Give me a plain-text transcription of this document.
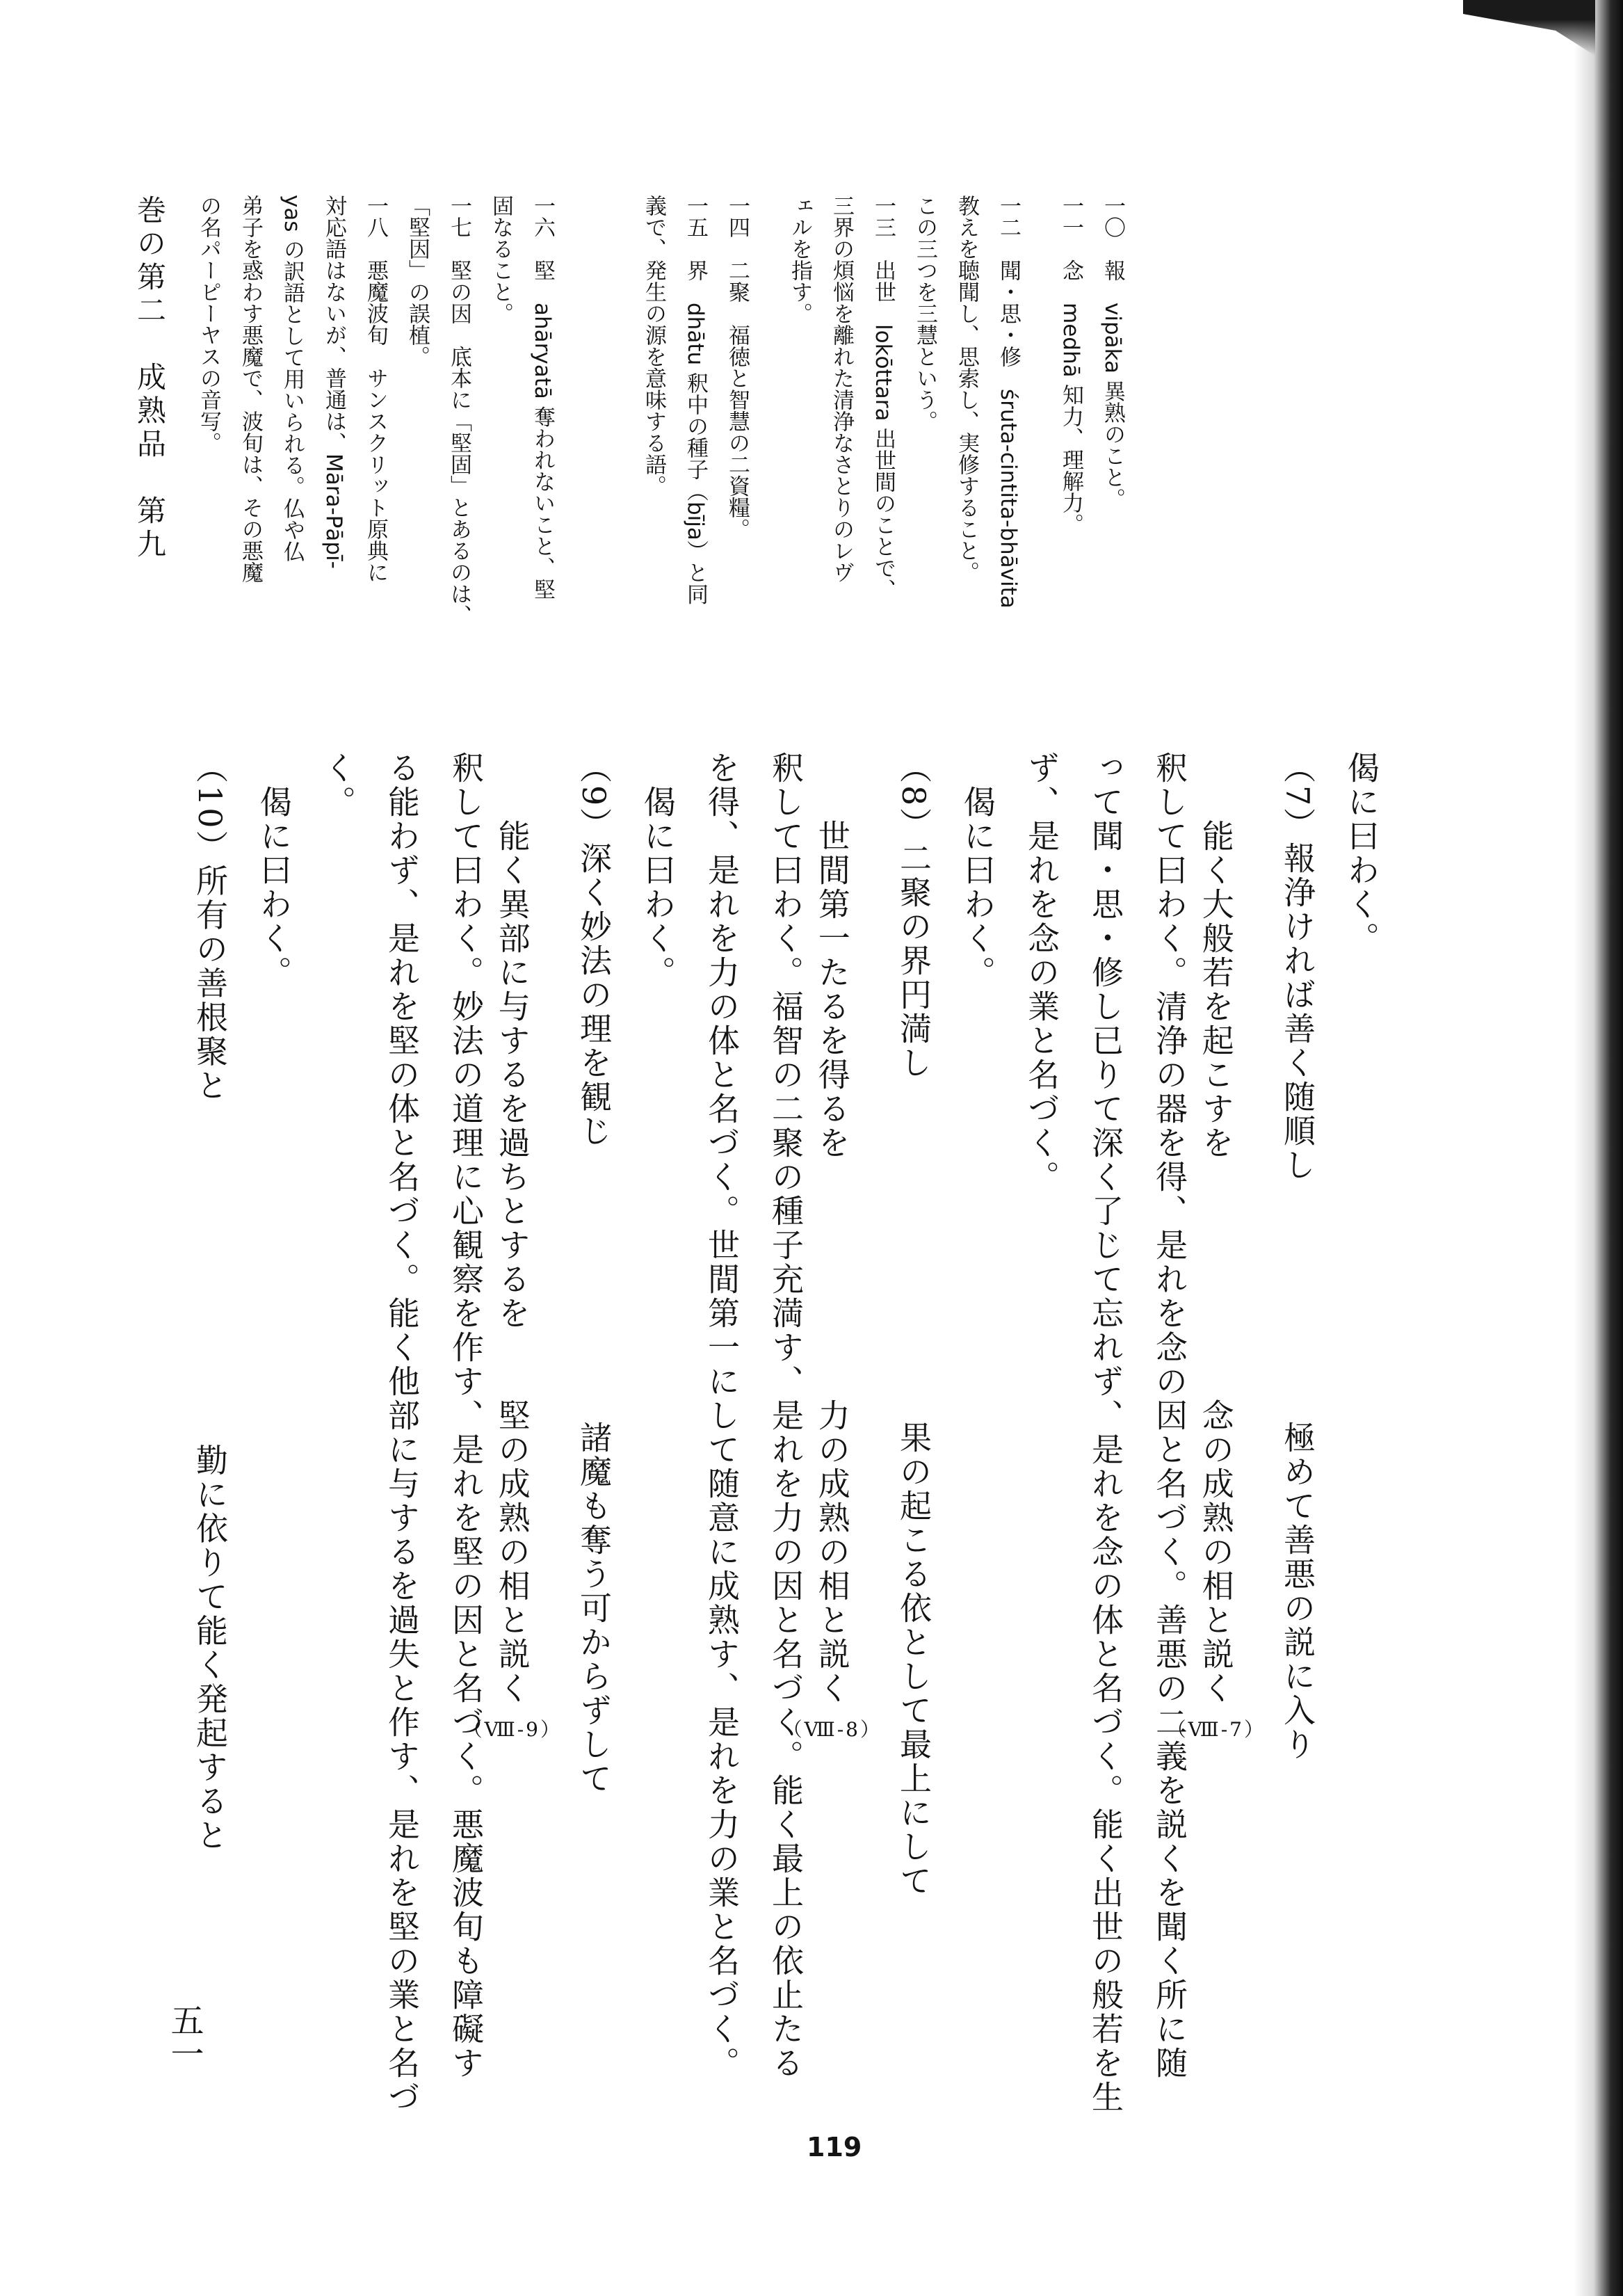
偈に曰わく。
（7）報浄ければ善く随順し　　　　　　　極めて善悪の説に入り
　　能く大般若を起こすを　　　　　　　念の成熟の相と説く（Ⅷ-7）
釈して曰わく。清浄の器を得、是れを念の因と名づく。善悪の二義を説くを聞く所に随
って聞・思・修し已りて深く了じて忘れず、是れを念の体と名づく。能く出世の般若を生
ず、是れを念の業と名づく。
　偈に曰わく。
（8）二聚の界円満し　　　　　　　　　　果の起こる依として最上にして
　　世間第一たるを得るを　　　　　　　力の成熟の相と説く（Ⅷ-8）
釈して曰わく。福智の二聚の種子充満す、是れを力の因と名づく。能く最上の依止たる
を得、是れを力の体と名づく。世間第一にして随意に成熟す、是れを力の業と名づく。
　偈に曰わく。
（9）深く妙法の理を観じ　　　　　　　　諸魔も奪う可からずして
　　能く異部に与するを過ちとするを　　堅の成熟の相と説く（Ⅷ-9）
釈して曰わく。妙法の道理に心観察を作す、是れを堅の因と名づく。悪魔波旬も障礙す
る能わず、是れを堅の体と名づく。能く他部に与するを過失と作す、是れを堅の業と名づ
く。
　偈に曰わく。
（10）所有の善根聚と　　　　　　　　　　勤に依りて能く発起すると
一〇　報　vipāka 異熟のこと。
一一　念　medhā 知力、理解力。
一二　聞・思・修　śruta-cintita-bhāvita
教えを聴聞し、思索し、実修すること。
この三つを三慧という。
一三　出世　lokōttara 出世間のことで、
三界の煩悩を離れた清浄なさとりのレヴ
ェルを指す。
一四　二聚　福徳と智慧の二資糧。
一五　界　dhātu 釈中の種子（bīja）と同
義で、発生の源を意味する語。
一六　堅　ahāryatā 奪われないこと、堅
固なること。
一七　堅の因　底本に「堅固」とあるのは、
「堅因」の誤植。
一八　悪魔波旬　サンスクリット原典に
対応語はないが、普通は、Māra-Pāpī-
yas の訳語として用いられる。仏や仏
弟子を惑わす悪魔で、波旬は、その悪魔
の名パーピーヤスの音写。
巻の第二　成熟品　第九
五一
119
